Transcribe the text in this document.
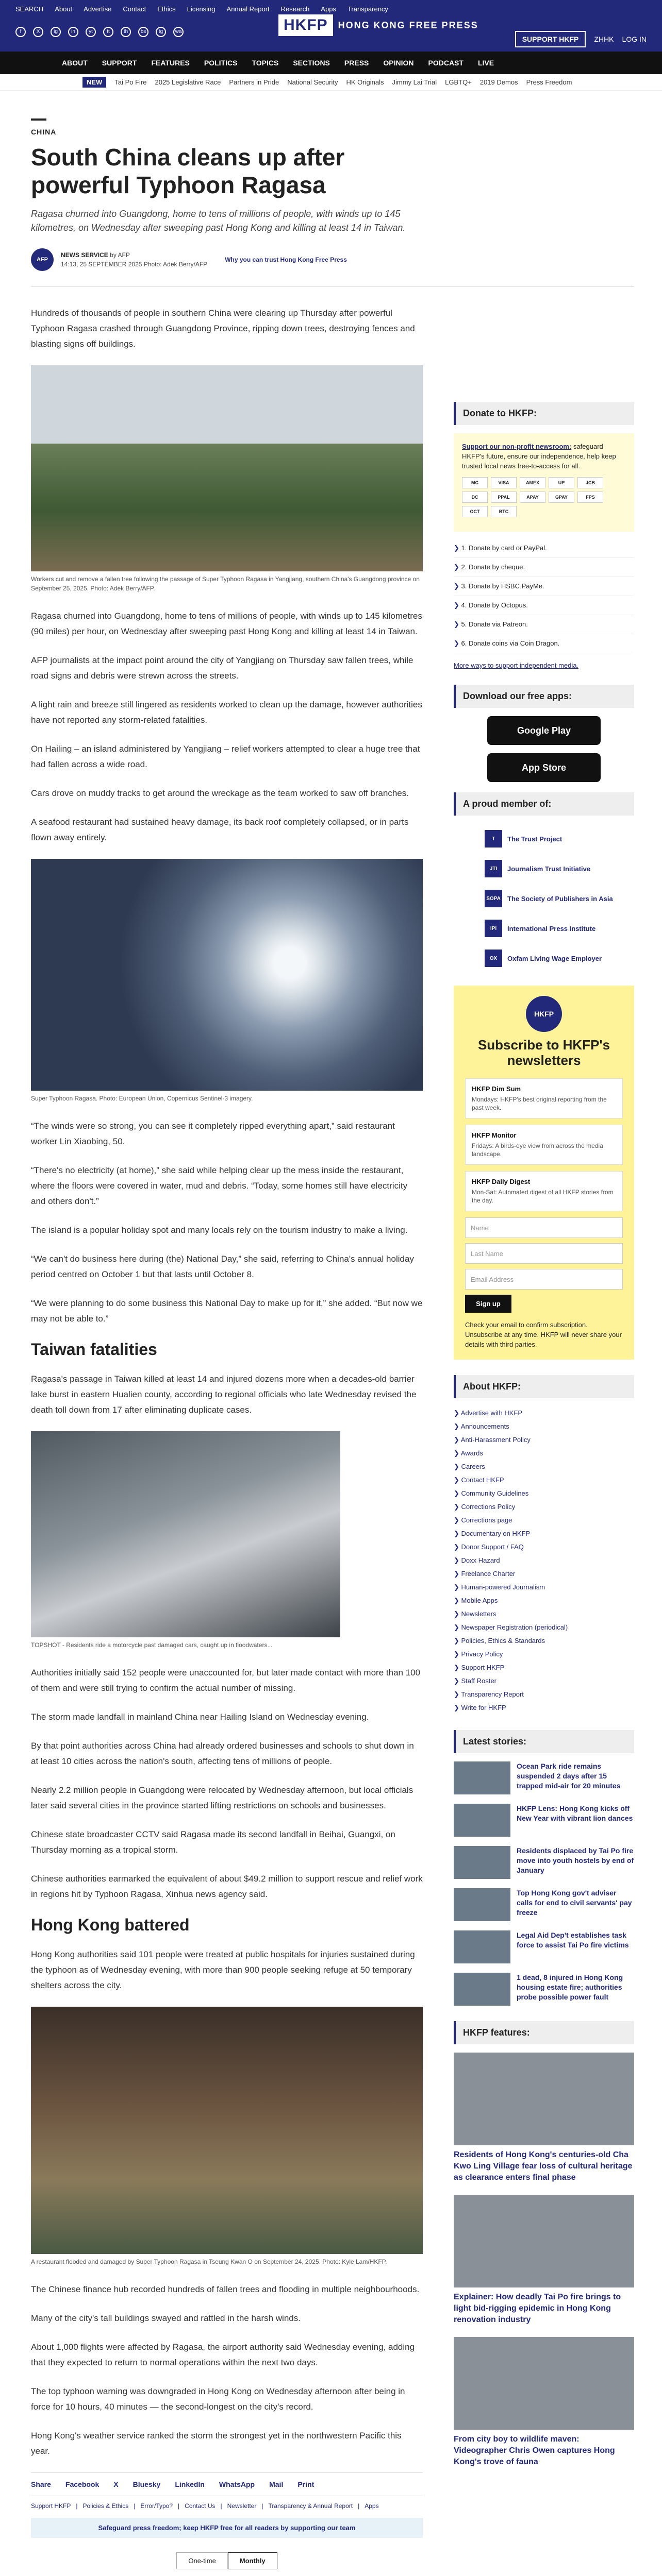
SEARCH About Advertise Contact Ethics Licensing Annual Report Research Apps Transparency
f	X	ig	in	yt	tt	th	bs	tg	wa	HKFP	HONG KONG FREE PRESS
SUPPORT HKFP	ZHHK LOG IN
ABOUT SUPPORT FEATURES POLITICS TOPICS SECTIONS PRESS OPINION PODCAST LIVE
NEW	Tai Po Fire 2025 Legislative Race Partners in Pride National Security HK Originals Jimmy Lai Trial LGBTQ+ 2019 Demos Press Freedom
CHINA
South China cleans up after powerful Typhoon Ragasa
Ragasa churned into Guangdong, home to tens of millions of people, with winds up to 145 kilometres, on Wednesday after sweeping past Hong Kong and killing at least 14 in Taiwan.
AFP
NEWS SERVICE by AFP
14:13, 25 SEPTEMBER 2025 Photo: Adek Berry/AFP
Why you can trust Hong Kong Free Press

Hundreds of thousands of people in southern China were clearing up Thursday after powerful Typhoon Ragasa crashed through Guangdong Province, ripping down trees, destroying fences and blasting signs off buildings.

Workers cut and remove a fallen tree following the passage of Super Typhoon Ragasa in Yangjiang, southern China's Guangdong province on September 25, 2025. Photo: Adek Berry/AFP.

Ragasa churned into Guangdong, home to tens of millions of people, with winds up to 145 kilometres (90 miles) per hour, on Wednesday after sweeping past Hong Kong and killing at least 14 in Taiwan.

AFP journalists at the impact point around the city of Yangjiang on Thursday saw fallen trees, while road signs and debris were strewn across the streets.

A light rain and breeze still lingered as residents worked to clean up the damage, however authorities have not reported any storm-related fatalities.

On Hailing – an island administered by Yangjiang – relief workers attempted to clear a huge tree that had fallen across a wide road.

Cars drove on muddy tracks to get around the wreckage as the team worked to saw off branches.

A seafood restaurant had sustained heavy damage, its back roof completely collapsed, or in parts flown away entirely.

Super Typhoon Ragasa. Photo: European Union, Copernicus Sentinel-3 imagery.

“The winds were so strong, you can see it completely ripped everything apart,” said restaurant worker Lin Xiaobing, 50.

“There's no electricity (at home),” she said while helping clear up the mess inside the restaurant, where the floors were covered in water, mud and debris. “Today, some homes still have electricity and others don't.”

The island is a popular holiday spot and many locals rely on the tourism industry to make a living.

“We can't do business here during (the) National Day,” she said, referring to China's annual holiday period centred on October 1 but that lasts until October 8.

“We were planning to do some business this National Day to make up for it,” she added. “But now we may not be able to.”

Taiwan fatalities

Ragasa's passage in Taiwan killed at least 14 and injured dozens more when a decades-old barrier lake burst in eastern Hualien county, according to regional officials who late Wednesday revised the death toll down from 17 after eliminating duplicate cases.

TOPSHOT - Residents ride a motorcycle past damaged cars, caught up in floodwaters...

Authorities initially said 152 people were unaccounted for, but later made contact with more than 100 of them and were still trying to confirm the actual number of missing.

The storm made landfall in mainland China near Hailing Island on Wednesday evening.

By that point authorities across China had already ordered businesses and schools to shut down in at least 10 cities across the nation's south, affecting tens of millions of people.

Nearly 2.2 million people in Guangdong were relocated by Wednesday afternoon, but local officials later said several cities in the province started lifting restrictions on schools and businesses.

Chinese state broadcaster CCTV said Ragasa made its second landfall in Beihai, Guangxi, on Thursday morning as a tropical storm.

Chinese authorities earmarked the equivalent of about $49.2 million to support rescue and relief work in regions hit by Typhoon Ragasa, Xinhua news agency said.

Hong Kong battered

Hong Kong authorities said 101 people were treated at public hospitals for injuries sustained during the typhoon as of Wednesday evening, with more than 900 people seeking refuge at 50 temporary shelters across the city.

A restaurant flooded and damaged by Super Typhoon Ragasa in Tseung Kwan O on September 24, 2025. Photo: Kyle Lam/HKFP.

The Chinese finance hub recorded hundreds of fallen trees and flooding in multiple neighbourhoods.

Many of the city's tall buildings swayed and rattled in the harsh winds.

About 1,000 flights were affected by Ragasa, the airport authority said Wednesday evening, adding that they expected to return to normal operations within the next two days.

The top typhoon warning was downgraded in Hong Kong on Wednesday afternoon after being in force for 10 hours, 40 minutes — the second-longest on the city's record.

Hong Kong's weather service ranked the storm the strongest yet in the northwestern Pacific this year.

Share Facebook X Bluesky LinkedIn WhatsApp Mail Print
Support HKFP | Policies & Ethics | Error/Typo? | Contact Us | Newsletter | Transparency & Annual Report | Apps
Safeguard press freedom; keep HKFP free for all readers by supporting our team
One-time	Monthly
Donate to HKFP:
Support our non-profit newsroom: safeguard HKFP's future, ensure our independence, help keep trusted local news free-to-access for all.
MC	VISA	AMEX	UP	JCB
DC	PPAL	APAY	GPAY	FPS
OCT	BTC
❯ 1. Donate by card or PayPal.
❯ 2. Donate by cheque.
❯ 3. Donate by HSBC PayMe.
❯ 4. Donate by Octopus.
❯ 5. Donate via Patreon.
❯ 6. Donate coins via Coin Dragon.
More ways to support independent media.
Download our free apps:
Google Play
App Store
A proud member of:
T	The Trust Project
JTI	Journalism Trust Initiative
SOPA The Society of Publishers in Asia
IPI	International Press Institute
OX	Oxfam Living Wage Employer
HKFP
Subscribe to HKFP's newsletters
HKFP Dim Sum
Mondays: HKFP's best original reporting from the past week.
HKFP Monitor
Fridays: A birds-eye view from across the media landscape.
HKFP Daily Digest
Mon-Sat: Automated digest of all HKFP stories from the day.
Name
Last Name
Email Address
Sign up
Check your email to confirm subscription. Unsubscribe at any time. HKFP will never share your details with third parties.
About HKFP:
❯ Advertise with HKFP
❯ Announcements
❯ Anti-Harassment Policy
❯ Awards
❯ Careers
❯ Contact HKFP
❯ Community Guidelines
❯ Corrections Policy
❯ Corrections page
❯ Documentary on HKFP
❯ Donor Support / FAQ
❯ Doxx Hazard
❯ Freelance Charter
❯ Human-powered Journalism
❯ Mobile Apps
❯ Newsletters
❯ Newspaper Registration (periodical)
❯ Policies, Ethics & Standards
❯ Privacy Policy
❯ Support HKFP
❯ Staff Roster
❯ Transparency Report
❯ Write for HKFP
Latest stories:
Ocean Park ride remains suspended 2 days after 15 trapped mid-air for 20 minutes
HKFP Lens: Hong Kong kicks off New Year with vibrant lion dances
Residents displaced by Tai Po fire move into youth hostels by end of January
Top Hong Kong gov't adviser calls for end to civil servants' pay freeze
Legal Aid Dep't establishes task force to assist Tai Po fire victims
1 dead, 8 injured in Hong Kong housing estate fire; authorities probe possible power fault
HKFP features:
Residents of Hong Kong's centuries-old Cha Kwo Ling Village fear loss of cultural heritage as clearance enters final phase
Explainer: How deadly Tai Po fire brings to light bid-rigging epidemic in Hong Kong renovation industry
From city boy to wildlife maven: Videographer Chris Owen captures Hong Kong's trove of fauna
